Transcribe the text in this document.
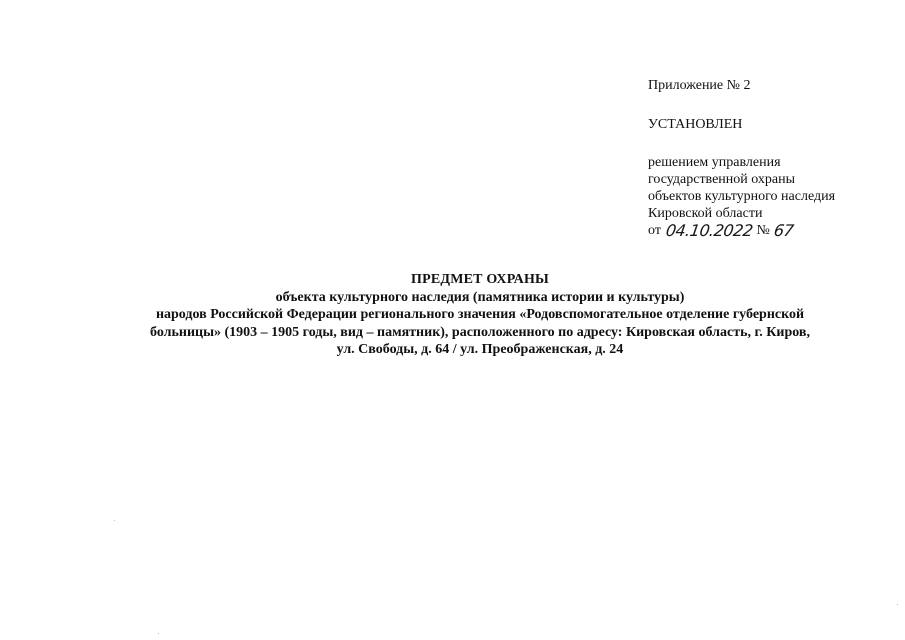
Приложение № 2
УСТАНОВЛЕН
решением управления
государственной охраны
объектов культурного наследия
Кировской области
от 04.10.2022 № 67
ПРЕДМЕТ ОХРАНЫ
объекта культурного наследия (памятника истории и культуры)
народов Российской Федерации регионального значения «Родовспомогательное отделение губернской
больницы» (1903 – 1905 годы, вид – памятник), расположенного по адресу: Кировская область, г. Киров,
ул. Свободы, д. 64 / ул. Преображенская, д. 24
